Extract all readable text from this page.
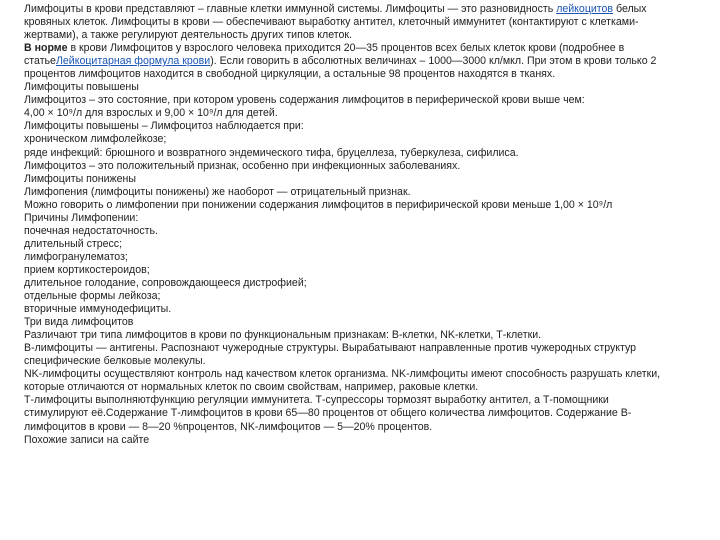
Лимфоциты в крови представляют – главные клетки иммунной системы. Лимфоциты — это разновидность лейкоцитов белых
кровяных клеток. Лимфоциты в крови — обеспечивают выработку антител, клеточный иммунитет (контактируют с клетками-
жертвами), а также регулируют деятельность других типов клеток.
В норме в крови Лимфоцитов у взрослого человека приходится 20—35 процентов всех белых клеток крови (подробнее в
статьеЛейкоцитарная формула крови). Если говорить в абсолютных величинах – 1000—3000 кл/мкл. При этом в крови только 2
процентов лимфоцитов находится в свободной циркуляции, а остальные 98 процентов находятся в тканях.
Лимфоциты повышены
Лимфоцитоз – это состояние, при котором уровень содержания лимфоцитов в периферической крови выше чем:
4,00 × 10⁹/л для взрослых и 9,00 × 10⁹/л для детей.
Лимфоциты повышены – Лимфоцитоз наблюдается при:
хроническом лимфолейкозе;
ряде инфекций: брюшного и возвратного эндемического тифа, бруцеллеза, туберкулеза, сифилиса.
Лимфоцитоз – это положительный признак, особенно при инфекционных заболеваниях.
Лимфоциты понижены
Лимфопения (лимфоциты понижены) же наоборот — отрицательный признак.
Можно говорить о лимфопении при понижении содержания лимфоцитов в перифирической крови меньше 1,00 × 10⁹/л
Причины Лимфопении:
почечная недостаточность.
длительный стресс;
лимфогранулематоз;
прием кортикостероидов;
длительное голодание, сопровождающееся дистрофией;
отдельные формы лейкоза;
вторичные иммунодефициты.
Три вида лимфоцитов
Различают три типа лимфоцитов в крови по функциональным признакам: В-клетки, NK-клетки, Т-клетки.
В-лимфоциты — антигены. Распознают чужеродные структуры. Вырабатывают направленные против чужеродных структур
специфические белковые молекулы.
NK-лимфоциты осуществляют контроль над качеством клеток организма. NK-лимфоциты имеют способность разрушать клетки,
которые отличаются от нормальных клеток по своим свойствам, например, раковые клетки.
Т-лимфоциты выполняютфункцию регуляции иммунитета. Т-супрессоры тормозят выработку антител, а Т-помощники
стимулируют её.Содержание Т-лимфоцитов в крови 65—80 процентов от общего количества лимфоцитов. Содержание В-
лимфоцитов в крови — 8—20 %процентов, NK-лимфоцитов — 5—20% процентов.
Похожие записи на сайте
